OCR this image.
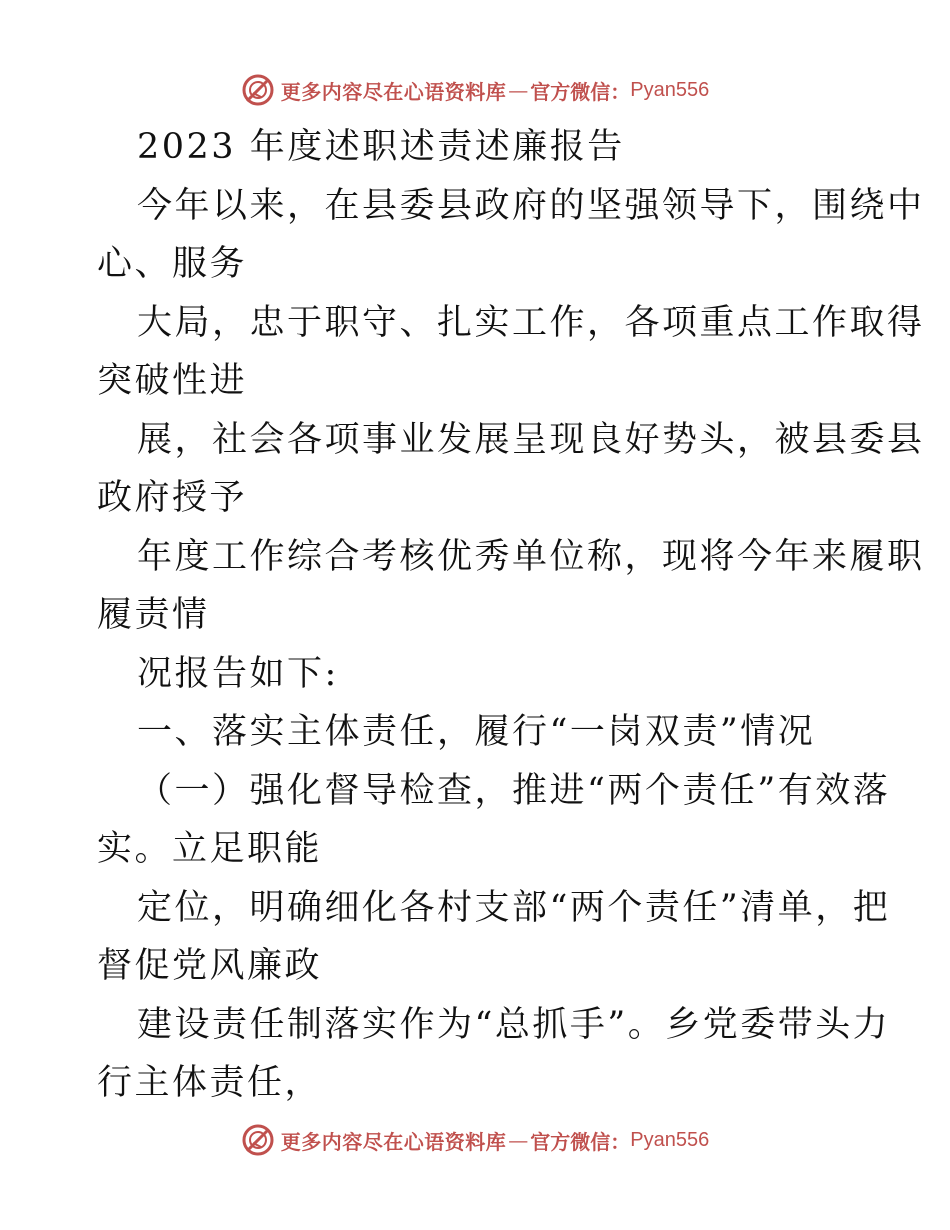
更多内容尽在心语资料库 — 官方微信： Pyan556
2023 年度述职述责述廉报告
今年以来，在县委县政府的坚强领导下，围绕中
心、服务
大局，忠于职守、扎实工作，各项重点工作取得
突破性进
展，社会各项事业发展呈现良好势头，被县委县
政府授予
年度工作综合考核优秀单位称，现将今年来履职
履责情
况报告如下:
一、落实主体责任，履行“一岗双责”情况
（一）强化督导检查，推进“两个责任”有效落
实。立足职能
定位，明确细化各村支部“两个责任”清单，把
督促党风廉政
建设责任制落实作为“总抓手”。乡党委带头力
行主体责任，
更多内容尽在心语资料库 — 官方微信： Pyan556
